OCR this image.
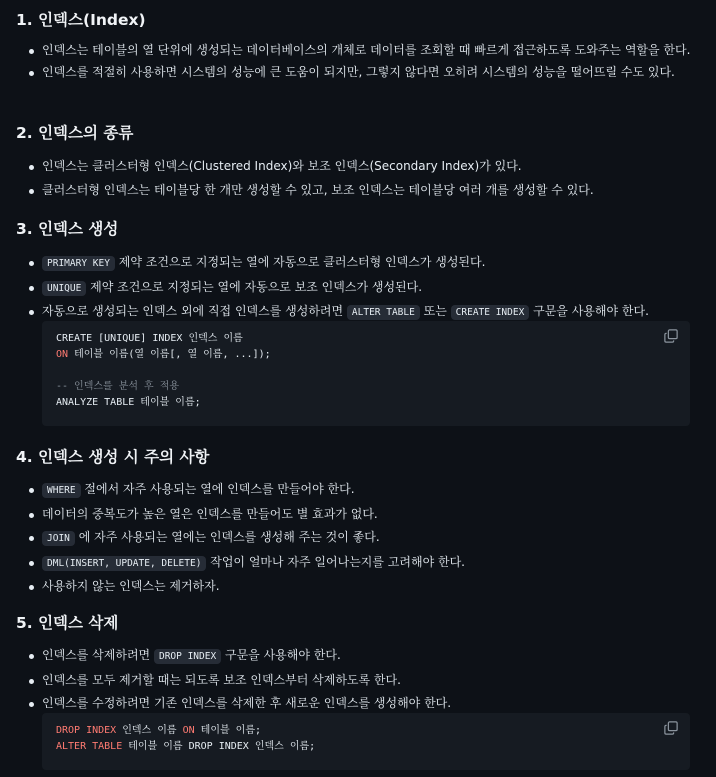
1. 인덱스(Index)
인덱스는 테이블의 열 단위에 생성되는 데이터베이스의 개체로 데이터를 조회할 때 빠르게 접근하도록 도와주는 역할을 한다.
인덱스를 적절히 사용하면 시스템의 성능에 큰 도움이 되지만, 그렇지 않다면 오히려 시스템의 성능을 떨어뜨릴 수도 있다.
2. 인덱스의 종류
인덱스는 클러스터형 인덱스(Clustered Index)와 보조 인덱스(Secondary Index)가 있다.
클러스터형 인덱스는 테이블당 한 개만 생성할 수 있고, 보조 인덱스는 테이블당 여러 개를 생성할 수 있다.
3. 인덱스 생성
PRIMARY KEY 제약 조건으로 지정되는 열에 자동으로 클러스터형 인덱스가 생성된다.
UNIQUE 제약 조건으로 지정되는 열에 자동으로 보조 인덱스가 생성된다.
자동으로 생성되는 인덱스 외에 직접 인덱스를 생성하려면 ALTER TABLE 또는 CREATE INDEX 구문을 사용해야 한다.
CREATE [UNIQUE] INDEX 인덱스 이름
ON 테이블 이름(열 이름[, 열 이름, ...]);
-- 인덱스를 분석 후 적용
ANALYZE TABLE 테이블 이름;
4. 인덱스 생성 시 주의 사항
WHERE 절에서 자주 사용되는 열에 인덱스를 만들어야 한다.
데이터의 중복도가 높은 열은 인덱스를 만들어도 별 효과가 없다.
JOIN 에 자주 사용되는 열에는 인덱스를 생성해 주는 것이 좋다.
DML(INSERT, UPDATE, DELETE) 작업이 얼마나 자주 일어나는지를 고려해야 한다.
사용하지 않는 인덱스는 제거하자.
5. 인덱스 삭제
인덱스를 삭제하려면 DROP INDEX 구문을 사용해야 한다.
인덱스를 모두 제거할 때는 되도록 보조 인덱스부터 삭제하도록 한다.
인덱스를 수정하려면 기존 인덱스를 삭제한 후 새로운 인덱스를 생성해야 한다.
DROP INDEX 인덱스 이름 ON 테이블 이름;
ALTER TABLE 테이블 이름 DROP INDEX 인덱스 이름;
